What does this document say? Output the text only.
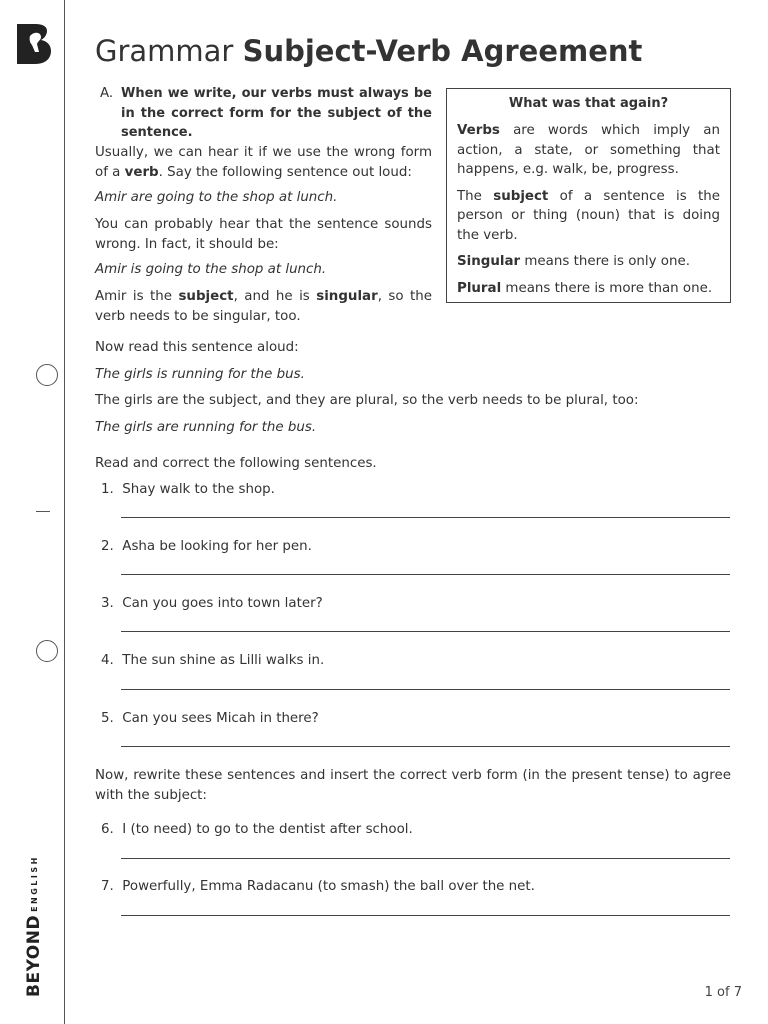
BEYONDENGLISH
Grammar Subject-Verb Agreement
A. When we write, our verbs must always be in the correct form for the subject of the sentence.
Usually, we can hear it if we use the wrong form of a verb. Say the following sentence out loud:
Amir are going to the shop at lunch.
You can probably hear that the sentence sounds wrong. In fact, it should be:
Amir is going to the shop at lunch.
Amir is the subject, and he is singular, so the verb needs to be singular, too.
What was that again?

Verbs are words which imply an action, a state, or something that happens, e.g. walk, be, progress.

The subject of a sentence is the person or thing (noun) that is doing the verb.

Singular means there is only one.

Plural means there is more than one.

Now read this sentence aloud:
The girls is running for the bus.
The girls are the subject, and they are plural, so the verb needs to be plural, too:
The girls are running for the bus.
Read and correct the following sentences.
1. Shay walk to the shop.
2. Asha be looking for her pen.
3. Can you goes into town later?
4. The sun shine as Lilli walks in.
5. Can you sees Micah in there?
Now, rewrite these sentences and insert the correct verb form (in the present tense) to agree with the subject:
6. I (to need) to go to the dentist after school.
7. Powerfully, Emma Radacanu (to smash) the ball over the net.
1 of 7
